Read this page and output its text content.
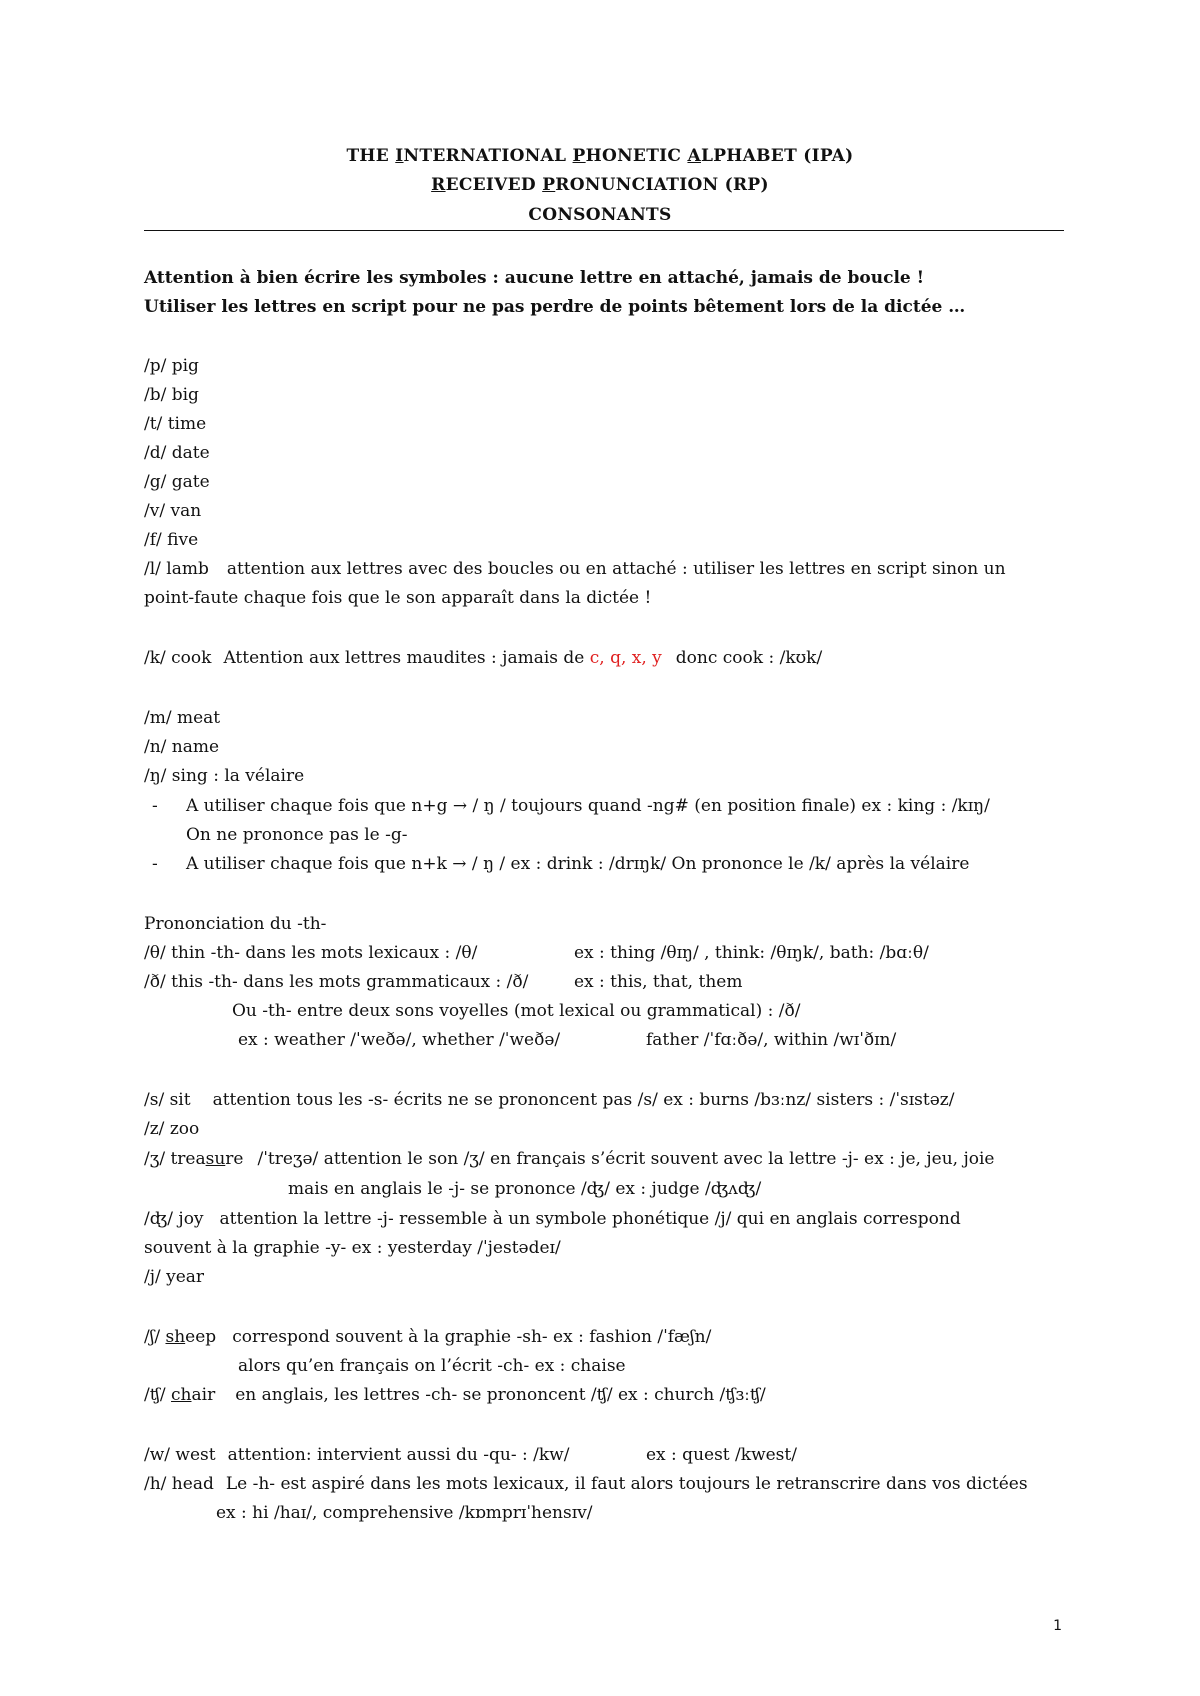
THE INTERNATIONAL PHONETIC ALPHABET (IPA)
RECEIVED PRONUNCIATION (RP)
CONSONANTS
Attention à bien écrire les symboles : aucune lettre en attaché, jamais de boucle !
Utiliser les lettres en script pour ne pas perdre de points bêtement lors de la dictée …
/p/ pig
/b/ big
/t/ time
/d/ date
/g/ gate
/v/ van
/f/ five
/l/ lamb attention aux lettres avec des boucles ou en attaché : utiliser les lettres en script sinon un
point-faute chaque fois que le son apparaît dans la dictée !
/k/ cook Attention aux lettres maudites : jamais de c, q, x, y donc cook : /kʊk/
/m/ meat
/n/ name
/ŋ/ sing : la vélaire
- A utiliser chaque fois que n+g → / ŋ / toujours quand -ng# (en position finale) ex : king : /kɪŋ/
On ne prononce pas le -g-
- A utiliser chaque fois que n+k → / ŋ / ex : drink : /drɪŋk/ On prononce le /k/ après la vélaire
Prononciation du -th-
/θ/ thin -th- dans les mots lexicaux : /θ/	ex : thing /θɪŋ/ , think: /θɪŋk/, bath: /bɑːθ/
/ð/ this -th- dans les mots grammaticaux : /ð/	ex : this, that, them
Ou -th- entre deux sons voyelles (mot lexical ou grammatical) : /ð/
ex : weather /ˈweðə/, whether /ˈweðə/	father /ˈfɑːðə/, within /wɪˈðɪn/
/s/ sit attention tous les -s- écrits ne se prononcent pas /s/ ex : burns /bɜːnz/ sisters : /ˈsɪstəz/
/z/ zoo
/ʒ/ treasure /ˈtreʒə/ attention le son /ʒ/ en français s’écrit souvent avec la lettre -j- ex : je, jeu, joie
mais en anglais le -j- se prononce /ʤ/ ex : judge /ʤʌʤ/
/ʤ/ joy attention la lettre -j- ressemble à un symbole phonétique /j/ qui en anglais correspond
souvent à la graphie -y- ex : yesterday /ˈjestədeɪ/
/j/ year
/ʃ/ sheep correspond souvent à la graphie -sh- ex : fashion /ˈfæʃn/
alors qu’en français on l’écrit -ch- ex : chaise
/ʧ/ chair en anglais, les lettres -ch- se prononcent /ʧ/ ex : church /ʧɜːʧ/
/w/ west attention: intervient aussi du -qu- : /kw/	ex : quest /kwest/
/h/ head Le -h- est aspiré dans les mots lexicaux, il faut alors toujours le retranscrire dans vos dictées
ex : hi /haɪ/, comprehensive /kɒmprɪˈhensɪv/
1
